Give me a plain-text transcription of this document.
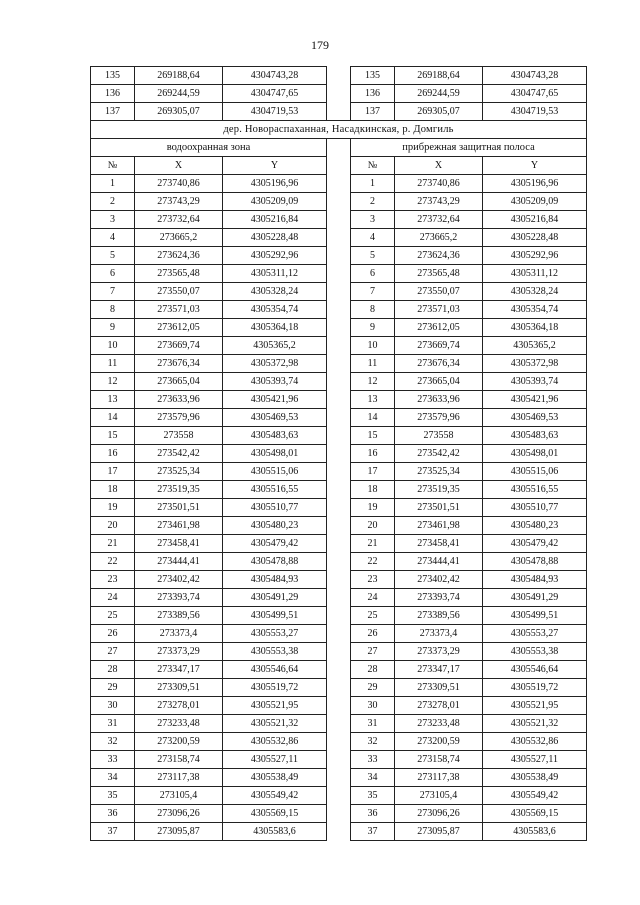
179
135	269188,64	4304743,28		135	269188,64	4304743,28
136	269244,59	4304747,65		136	269244,59	4304747,65
137	269305,07	4304719,53		137	269305,07	4304719,53
дер. Новораспаханная, Насадкинская, р. Домгиль						
водоохранная зона				прибрежная защитная полоса		
№	X	Y		№	X	Y
1	273740,86	4305196,96		1	273740,86	4305196,96
2	273743,29	4305209,09		2	273743,29	4305209,09
3	273732,64	4305216,84		3	273732,64	4305216,84
4	273665,2	4305228,48		4	273665,2	4305228,48
5	273624,36	4305292,96		5	273624,36	4305292,96
6	273565,48	4305311,12		6	273565,48	4305311,12
7	273550,07	4305328,24		7	273550,07	4305328,24
8	273571,03	4305354,74		8	273571,03	4305354,74
9	273612,05	4305364,18		9	273612,05	4305364,18
10	273669,74	4305365,2		10	273669,74	4305365,2
11	273676,34	4305372,98		11	273676,34	4305372,98
12	273665,04	4305393,74		12	273665,04	4305393,74
13	273633,96	4305421,96		13	273633,96	4305421,96
14	273579,96	4305469,53		14	273579,96	4305469,53
15	273558	4305483,63		15	273558	4305483,63
16	273542,42	4305498,01		16	273542,42	4305498,01
17	273525,34	4305515,06		17	273525,34	4305515,06
18	273519,35	4305516,55		18	273519,35	4305516,55
19	273501,51	4305510,77		19	273501,51	4305510,77
20	273461,98	4305480,23		20	273461,98	4305480,23
21	273458,41	4305479,42		21	273458,41	4305479,42
22	273444,41	4305478,88		22	273444,41	4305478,88
23	273402,42	4305484,93		23	273402,42	4305484,93
24	273393,74	4305491,29		24	273393,74	4305491,29
25	273389,56	4305499,51		25	273389,56	4305499,51
26	273373,4	4305553,27		26	273373,4	4305553,27
27	273373,29	4305553,38		27	273373,29	4305553,38
28	273347,17	4305546,64		28	273347,17	4305546,64
29	273309,51	4305519,72		29	273309,51	4305519,72
30	273278,01	4305521,95		30	273278,01	4305521,95
31	273233,48	4305521,32		31	273233,48	4305521,32
32	273200,59	4305532,86		32	273200,59	4305532,86
33	273158,74	4305527,11		33	273158,74	4305527,11
34	273117,38	4305538,49		34	273117,38	4305538,49
35	273105,4	4305549,42		35	273105,4	4305549,42
36	273096,26	4305569,15		36	273096,26	4305569,15
37	273095,87	4305583,6		37	273095,87	4305583,6
